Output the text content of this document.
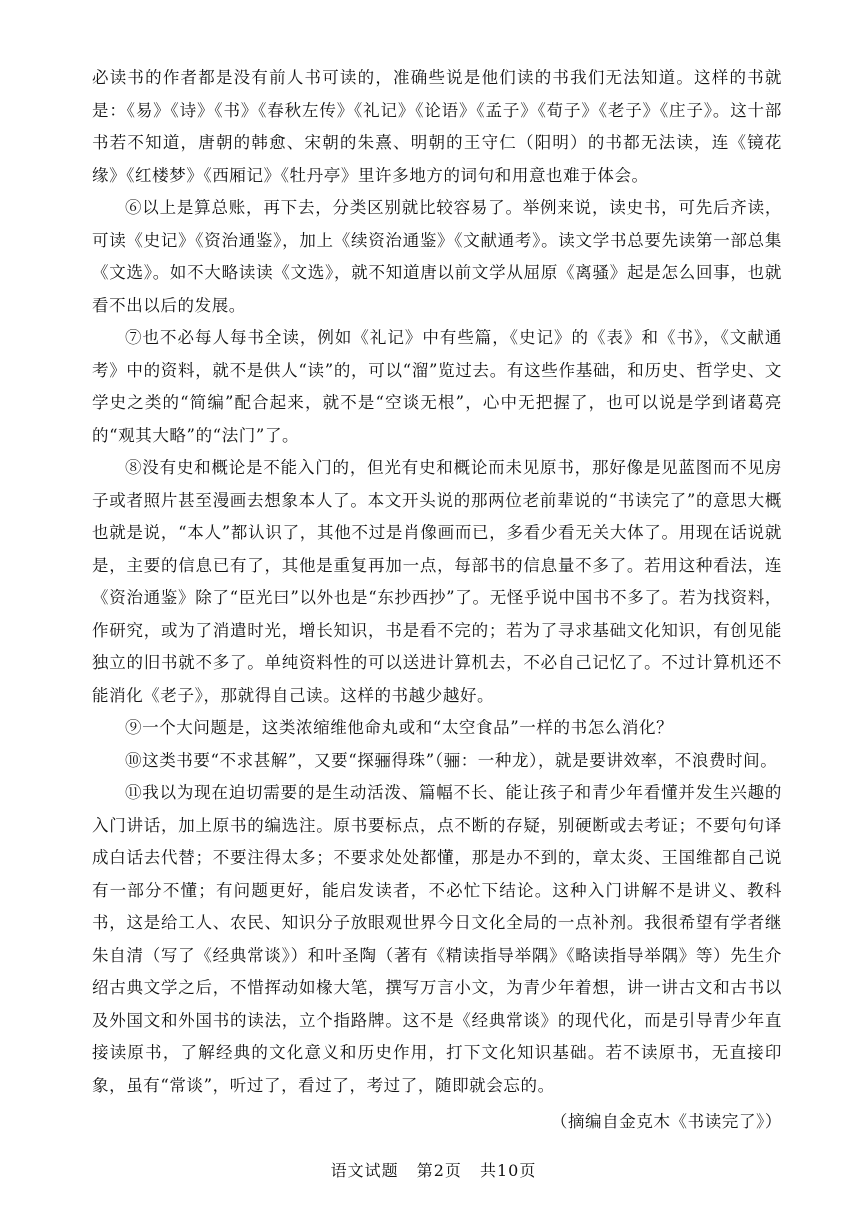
必读书的作者都是没有前人书可读的，准确些说是他们读的书我们无法知道。这样的书就是：《易》《诗》《书》《春秋左传》《礼记》《论语》《孟子》《荀子》《老子》《庄子》。这十部书若不知道，唐朝的韩愈、宋朝的朱熹、明朝的王守仁（阳明）的书都无法读，连《镜花缘》《红楼梦》《西厢记》《牡丹亭》里许多地方的词句和用意也难于体会。

⑥以上是算总账，再下去，分类区别就比较容易了。举例来说，读史书，可先后齐读，可读《史记》《资治通鉴》，加上《续资治通鉴》《文献通考》。读文学书总要先读第一部总集《文选》。如不大略读读《文选》，就不知道唐以前文学从屈原《离骚》起是怎么回事，也就看不出以后的发展。

⑦也不必每人每书全读，例如《礼记》中有些篇，《史记》的《表》和《书》，《文献通考》中的资料，就不是供人“读”的，可以“溜”览过去。有这些作基础，和历史、哲学史、文学史之类的“简编”配合起来，就不是“空谈无根”，心中无把握了，也可以说是学到诸葛亮的“观其大略”的“法门”了。

⑧没有史和概论是不能入门的，但光有史和概论而未见原书，那好像是见蓝图而不见房子或者照片甚至漫画去想象本人了。本文开头说的那两位老前辈说的“书读完了”的意思大概也就是说，“本人”都认识了，其他不过是肖像画而已，多看少看无关大体了。用现在话说就是，主要的信息已有了，其他是重复再加一点，每部书的信息量不多了。若用这种看法，连《资治通鉴》除了“臣光曰”以外也是“东抄西抄”了。无怪乎说中国书不多了。若为找资料，作研究，或为了消遣时光，增长知识，书是看不完的；若为了寻求基础文化知识，有创见能独立的旧书就不多了。单纯资料性的可以送进计算机去，不必自己记忆了。不过计算机还不能消化《老子》，那就得自己读。这样的书越少越好。

⑨一个大问题是，这类浓缩维他命丸或和“太空食品”一样的书怎么消化？

⑩这类书要“不求甚解”，又要“探骊得珠”（骊：一种龙），就是要讲效率，不浪费时间。

⑪我以为现在迫切需要的是生动活泼、篇幅不长、能让孩子和青少年看懂并发生兴趣的入门讲话，加上原书的编选注。原书要标点，点不断的存疑，别硬断或去考证；不要句句译成白话去代替；不要注得太多；不要求处处都懂，那是办不到的，章太炎、王国维都自己说有一部分不懂；有问题更好，能启发读者，不必忙下结论。这种入门讲解不是讲义、教科书，这是给工人、农民、知识分子放眼观世界今日文化全局的一点补剂。我很希望有学者继朱自清（写了《经典常谈》）和叶圣陶（著有《精读指导举隅》《略读指导举隅》等）先生介绍古典文学之后，不惜挥动如椽大笔，撰写万言小文，为青少年着想，讲一讲古文和古书以及外国文和外国书的读法，立个指路牌。这不是《经典常谈》的现代化，而是引导青少年直接读原书，了解经典的文化意义和历史作用，打下文化知识基础。若不读原书，无直接印象，虽有“常谈”，听过了，看过了，考过了，随即就会忘的。

（摘编自金克木《书读完了》）

语文试题 第2页 共10页
